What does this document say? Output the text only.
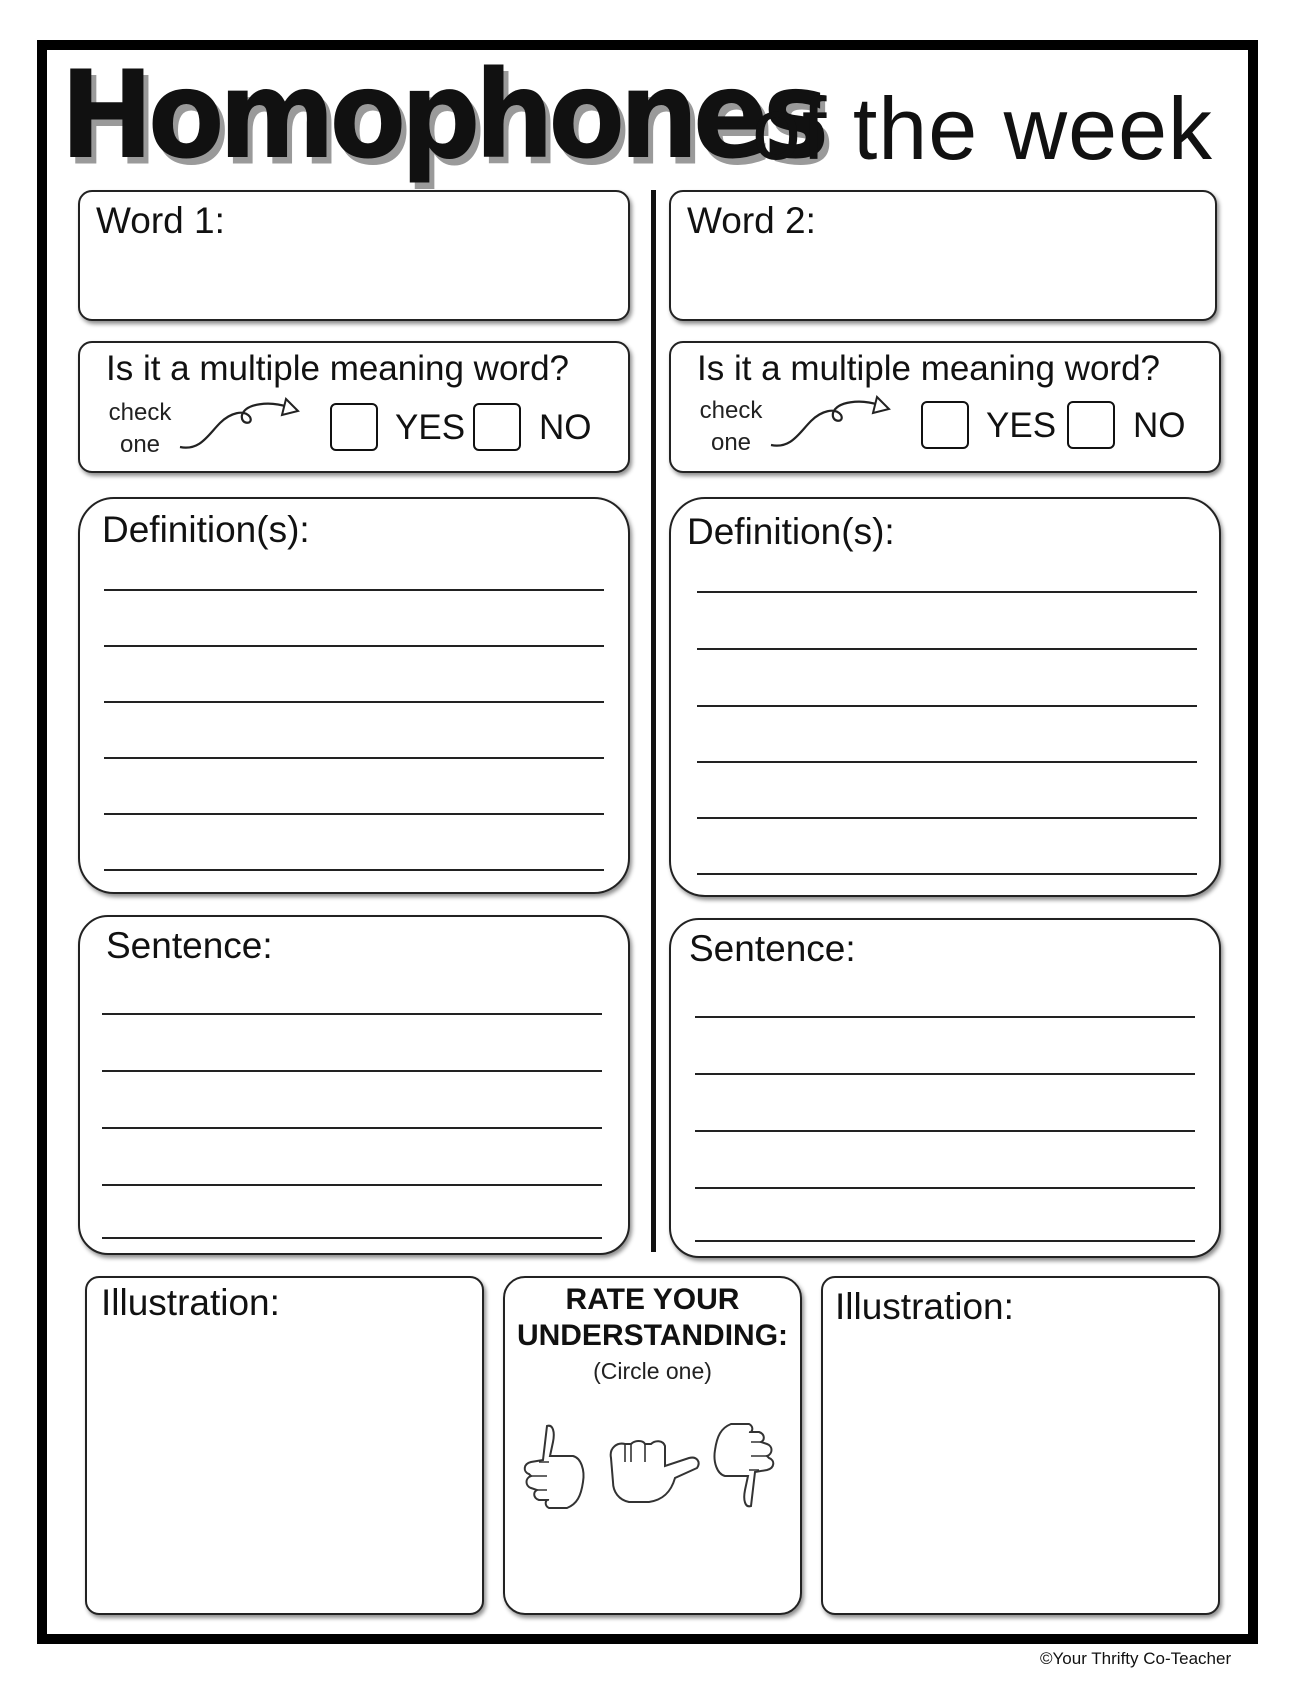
Homophones
of the week
Word 1:
Is it a multiple meaning word?
check
one	YES NO
Definition(s):
Sentence:
Word 2:
Is it a multiple meaning word?
check
one	YES NO
Definition(s):
Sentence:
Illustration:	RATE YOUR
UNDERSTANDING:
(Circle one)
Illustration:
©Your Thrifty Co-Teacher
